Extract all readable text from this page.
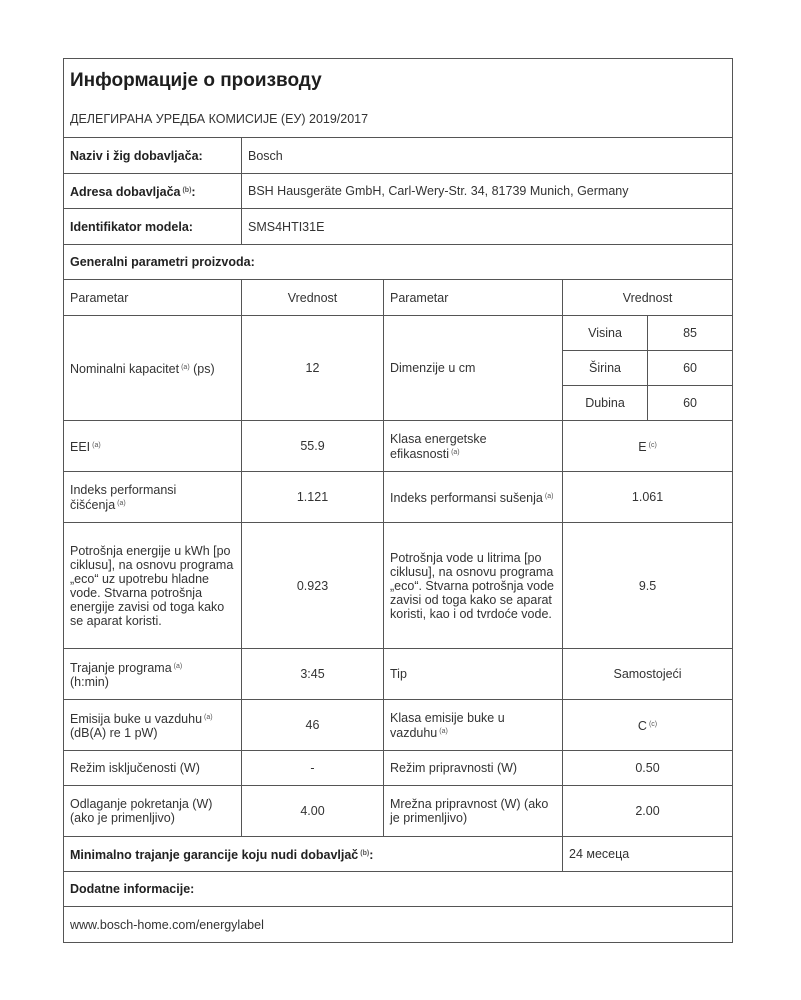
Информације о производу				
ДЕЛЕГИРАНА УРЕДБА КОМИСИЈЕ (ЕУ) 2019/2017				
Naziv i žig dobavljača:	Bosch			
Adresa dobavljača $^{(b)}$:	BSH Hausgeräte GmbH, Carl-Wery-Str. 34, 81739 Munich, Germany			
Identifikator modela:	SMS4HTI31E			
Generalni parametri proizvoda:				
Parametar	Vrednost	Parametar	Vrednost	
Nominalni kapacitet $^{(a)}$ (ps)	12	Dimenzije u cm	Visina	85
			Širina	60
			Dubina	60
EEI $^{(a)}$	55.9	Klasa energetske efikasnosti $^{(a)}$	E $^{(c)}$
Indeks performansi čišćenja $^{(a)}$	1.121	Indeks performansi sušenja $^{(a)}$	1.061	
Potrošnja energije u kWh [po ciklusu], na osnovu programa „eco“ uz upotrebu hladne vode. Stvarna potrošnja energije zavisi od toga kako se aparat koristi.	0.923	Potrošnja vode u litrima [po ciklusu], na osnovu programa „eco“. Stvarna potrošnja vode zavisi od toga kako se aparat koristi, kao i od tvrdoće vode.	9.5	
Trajanje programa $^{(a)}$
(h:min)	3:45	Tip	Samostojeći	
Emisija buke u vazduhu $^{(a)}$
(dB(A) re 1 pW)	46	Klasa emisije buke u vazduhu $^{(a)}$	C $^{(c)}$
Režim isključenosti (W)	-	Režim pripravnosti (W)	0.50	
Odlaganje pokretanja (W) (ako je primenljivo)	4.00	Mrežna pripravnost (W) (ako je primenljivo)	2.00	
Minimalno trajanje garancije koju nudi dobavljač $^{(b)}$:			24 месеца	
Dodatne informacije:				
www.bosch-home.com/energylabel				
